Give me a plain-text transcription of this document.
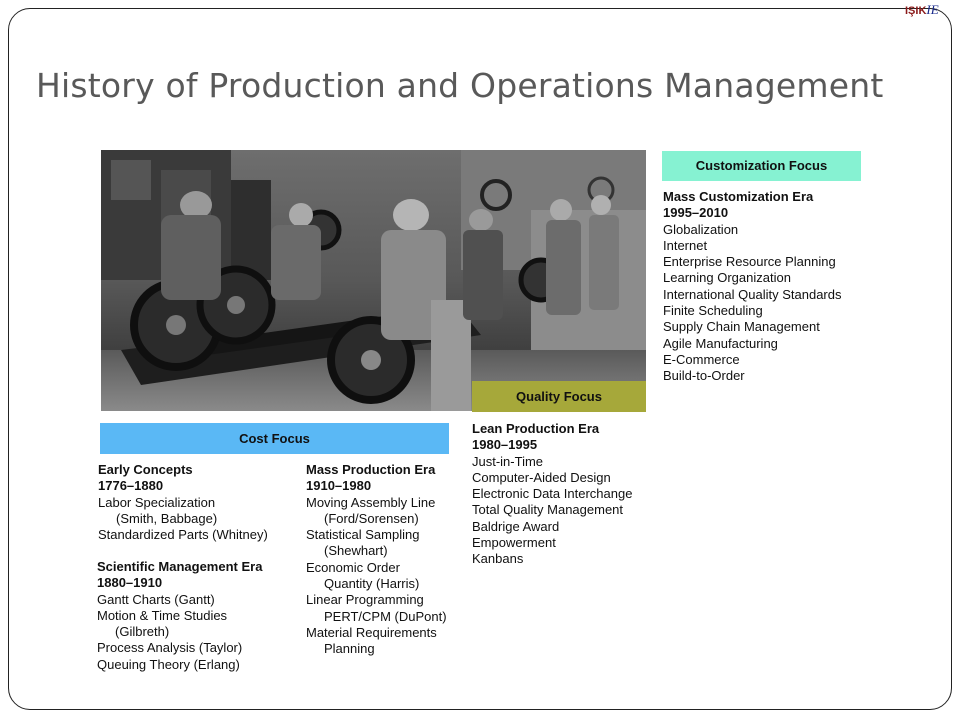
IŞIKIE
History of Production and Operations Management
Cost Focus
Quality Focus
Customization Focus
Early Concepts
1776–1880
Labor Specialization
(Smith, Babbage)
Standardized Parts (Whitney)
Scientific Management Era
1880–1910
Gantt Charts (Gantt)
Motion & Time Studies
(Gilbreth)
Process Analysis (Taylor)
Queuing Theory (Erlang)
Mass Production Era
1910–1980
Moving Assembly Line
(Ford/Sorensen)
Statistical Sampling
(Shewhart)
Economic Order
Quantity (Harris)
Linear Programming
PERT/CPM (DuPont)
Material Requirements
Planning
Lean Production Era
1980–1995
Just-in-Time
Computer-Aided Design
Electronic Data Interchange
Total Quality Management
Baldrige Award
Empowerment
Kanbans
Mass Customization Era
1995–2010
Globalization
Internet
Enterprise Resource Planning
Learning Organization
International Quality Standards
Finite Scheduling
Supply Chain Management
Agile Manufacturing
E-Commerce
Build-to-Order
